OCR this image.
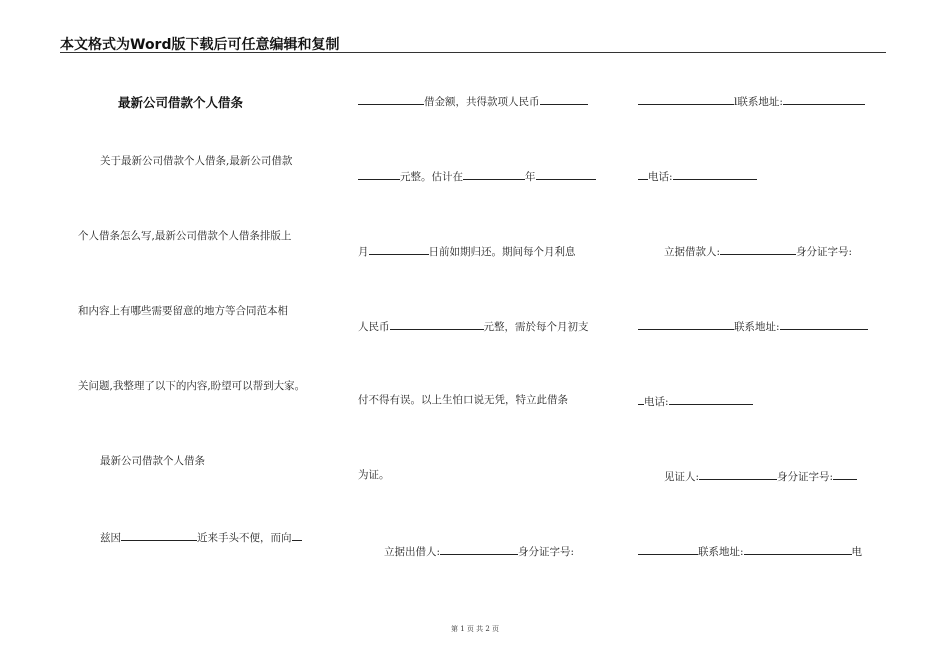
本文格式为Word版下载后可任意编辑和复制
最新公司借款个人借条
关于最新公司借款个人借条,最新公司借款
个人借条怎么写,最新公司借款个人借条排版上
和内容上有哪些需要留意的地方等合同范本相
关问题,我整理了以下的内容,盼望可以帮到大家。
最新公司借款个人借条
兹因	近来手头不便，而向
借金额，共得款项人民币
元整。估计在	年
月	日前如期归还。期间每个月利息
人民币	元整，需於每个月初支
付不得有误。以上生怕口说无凭，特立此借条
为证。
立据出借人:	身分证字号:
l联系地址:
电话:
立据借款人:	身分证字号:
联系地址:
电话:
见证人:	身分证字号:
联系地址:	电
第 1 页 共 2 页
